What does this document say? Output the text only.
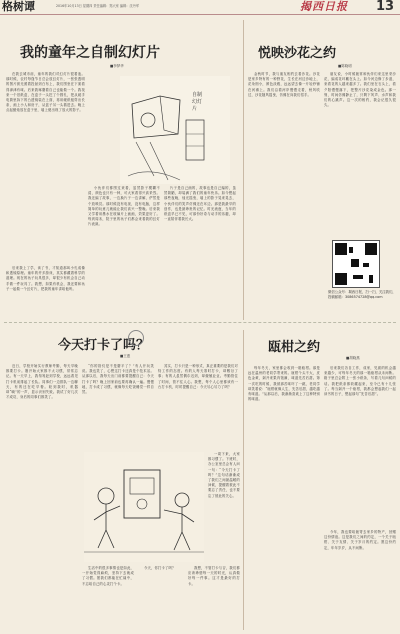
格树谭	2016年10月13日 星期四 责任编辑：郑大家 编辑：沈丹军	揭西日报 13
我的童年之自制幻灯片
■李梦华

在我去城市前，童年的我们对幻灯片很着迷。那时候，农村每逢节日总会放幻灯片，一张张透明的图片被光照着投射到白布上，我们围坐在下面看得津津有味。后来我琢磨着自己也能做一个。我找来一个旧纸盒，在盒子一头挖了个圆孔，把从破手电筒里拆下的凸透镜装在上面，再用硬纸板剪出长条，画上小人和房子，从盒子另一头插进去。晚上点起蜡烛放在盒子里，墙上便出现了放大的影子。

自制幻灯片

小伙伴们都围过来看，虽然影子模糊不清，颜色也只有一种，可大家看得兴高采烈。我还编了故事，一边换片子一边讲解，俨然是个放映员。那时候没有电视，没有电脑，这样简单的玩意儿就能让我们高兴一整晚。后来我又学着用墨水在玻璃片上画画，效果更好了。每到周末，院子里的孩子们都会来看我的幻灯片表演。

片子是自己画的，故事也是自己编的，虽然简陋，却装满了我们的童年快乐。如今想起那些夜晚，烛光摇曳，墙上的影子晃来晃去，小伙伴们的笑声仿佛还在耳边。那是我最早的创作，也是最珍贵的记忆。时光流逝，当年的纸盒早已不见，可那份好奇与动手的乐趣，却一直陪伴着我长大。

后来我上了学，读了书，才知道那叫小孔成像和透镜原理。童年的许多游戏，其实都藏着科学的道理。现在的孩子玩具很多，却很少有机会自己动手做一件玩具了。我想，如果有机会，我还要和孩子一起做一个幻灯片，把我的童年讲给他听。

悦映沙花之约
■陈晓明

金秋时节，我与朋友相约去看沙花。沙花是家乡特有的一种野花，生长在河边沙地上，花朵细小，颜色淡雅，远远望去像一片轻纱铺在河滩上。我们沿着河岸慢慢走着，秋风吹过，沙花随风摇曳，仿佛在向我们招手。

朋友说，小时候她常和伙伴们来这里采沙花，编成花环戴在头上。如今河边修了步道，来看花的人越来越多了。我们坐在石头上，看夕阳慢慢落下，把整片沙花染成金色。那一刻，时间仿佛静止了，只剩下风声、水声和我们的心跳声。这一次的相约，我会记很久很久。

微信公众号：揭西日报，扫一扫，关注我们，投稿邮箱：3086574728@qq.com
今天打卡了吗？
■王惠

近日，学校开始实行教师考勤，每天早晚都要打卡。刚开始大家都不太习惯，常常忘记。有一天早上，我匆匆赶到学校，远远看见打卡机前排起了长队。同事们一边排队一边聊天，有的还在吃早餐。轮到我时，机器却“嘀”的一声，显示识别失败。我试了好几次才成功，身后的同事们都笑了。

“你的指纹是不是磨平了？”有人开玩笑说。我也笑了，心想这打卡还真是个技术活。从那以后，我每天出门前都要提醒自己：今天打卡了吗？晚上回家前也要再确认一遍。慢慢地，打卡成了习惯，就像每天吃饭睡觉一样自然。

其实，打卡只是一种形式，真正重要的是我们对待工作的态度。有的人每天准时打卡，却敷衍了事；有的人虽然偶尔迟到，却兢兢业业。考勤管住了时间，管不住人心。我想，每个人心里都该有一台打卡机，时时提醒自己：今天尽心尽力了吗？

一周下来，大家都习惯了。下班时，办公室里总会有人问一句：“今天打卡了吗？”这句话渐渐成了我们之间最温暖的问候，提醒着彼此不要忘了责任，也不要忘了彼此的关心。

生活中的很多事情也是如此，一开始觉得麻烦，坚持下去就成了习惯。愿我们都能在忙碌中，不忘给自己的心灵打个卡。

今天，你打卡了吗？	我想，不管打卡与否，我们都应该珍惜每一天的时光，认真做好每一件事。这才是最好的打卡。

瓯柑之约
■胡晓燕

每年冬天，家里都会收到一箱瓯柑。那是远在温州的老同学寄来的。瓯柑个头不大，皮色金黄，剥开来果肉饱满，味道先苦后甜。第一次吃的时候，我被那苦味吓了一跳，老同学却笑着说：“瓯柑就像人生，先苦后甜，越吃越有味道。”从那以后，我渐渐喜欢上了这种特别的味道。

后来我们各自工作，成家，见面的机会越来越少，可每年冬天的那一箱瓯柑从未间断。箱子里总会附上一张小纸条，写着几句问候的话。我把纸条都收藏起来，至今已有十几张了。每当剥开一个瓯柑，我都会想起我们一起读书的日子，想起那句“先苦后甜”。

今年，我也要给她寄去家乡的特产，回赠这份情谊。这是我们之间的约定，一个关于瓯柑、关于友情、关于岁月的约定。愿这份约定，年年岁岁，从不间断。
